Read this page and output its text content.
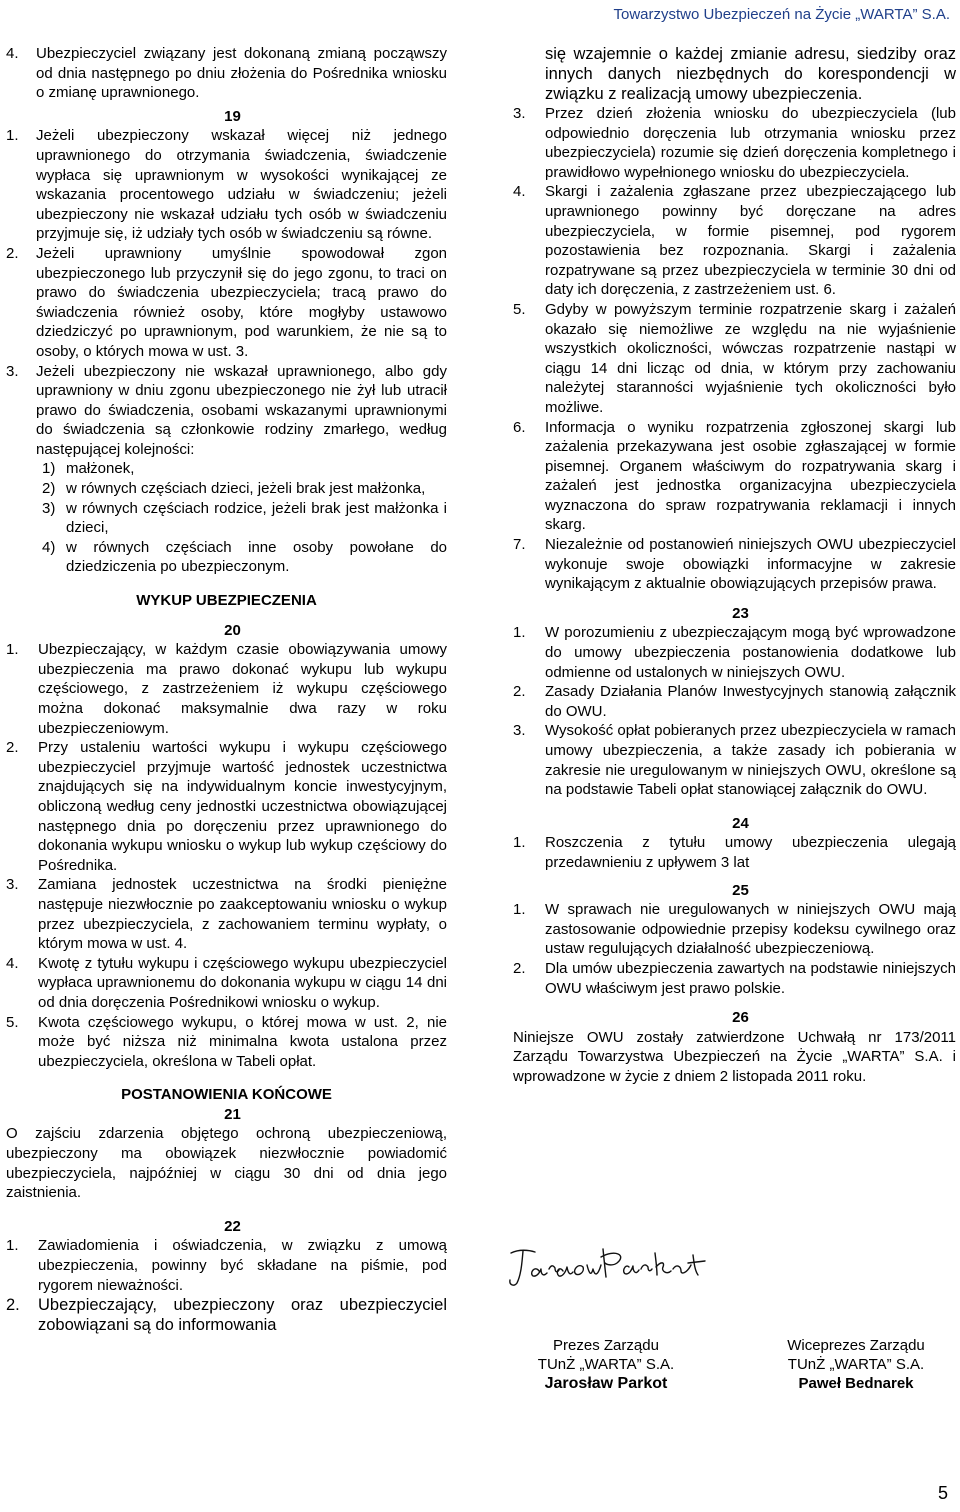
Towarzystwo Ubezpieczeń na Życie „WARTA” S.A.
4.	Ubezpieczyciel związany jest dokonaną zmianą począwszy od dnia następnego po dniu złożenia do Pośrednika wniosku o zmianę uprawnionego.
19
1.	Jeżeli ubezpieczony wskazał więcej niż jednego uprawnionego do otrzymania świadczenia, świadczenie wypłaca się uprawnionym w wysokości wynikającej ze wskazania procentowego udziału w świadczeniu; jeżeli ubezpieczony nie wskazał udziału tych osób w świadczeniu przyjmuje się, iż udziały tych osób w świadczeniu są równe.
2.	Jeżeli uprawniony umyślnie spowodował zgon ubezpieczonego lub przyczynił się do jego zgonu, to traci on prawo do świadczenia ubezpieczyciela; tracą prawo do świadczenia również osoby, które mogłyby ustawowo dziedziczyć po uprawnionym, pod warunkiem, że nie są to osoby, o których mowa w ust. 3.
3.	Jeżeli ubezpieczony nie wskazał uprawnionego, albo gdy uprawniony w dniu zgonu ubezpieczonego nie żył lub utracił prawo do świadczenia, osobami wskazanymi uprawnionymi do świadczenia są członkowie rodziny zmarłego, według następującej kolejności:
1) małżonek,
2) w równych częściach dzieci, jeżeli brak jest małżonka,
3) w równych częściach rodzice, jeżeli brak jest małżonka i dzieci,
4) w równych częściach inne osoby powołane do dziedziczenia po ubezpieczonym.
WYKUP UBEZPIECZENIA
20
1.	Ubezpieczający, w każdym czasie obowiązywania umowy ubezpieczenia ma prawo dokonać wykupu lub wykupu częściowego, z zastrzeżeniem iż wykupu częściowego można dokonać maksymalnie dwa razy w roku ubezpieczeniowym.
2.	Przy ustaleniu wartości wykupu i wykupu częściowego ubezpieczyciel przyjmuje wartość jednostek uczestnictwa znajdujących się na indywidualnym koncie inwestycyjnym, obliczoną według ceny jednostki uczestnictwa obowiązującej następnego dnia po doręczeniu przez uprawnionego do dokonania wykupu wniosku o wykup lub wykup częściowy do Pośrednika.
3.	Zamiana jednostek uczestnictwa na środki pieniężne następuje niezwłocznie po zaakceptowaniu wniosku o wykup przez ubezpieczyciela, z zachowaniem terminu wypłaty, o którym mowa w ust. 4.
4.	Kwotę z tytułu wykupu i częściowego wykupu ubezpieczyciel wypłaca uprawnionemu do dokonania wykupu w ciągu 14 dni od dnia doręczenia Pośrednikowi wniosku o wykup.
5.	Kwota częściowego wykupu, o której mowa w ust. 2, nie może być niższa niż minimalna kwota ustalona przez ubezpieczyciela, określona w Tabeli opłat.
POSTANOWIENIA KOŃCOWE
21
O zajściu zdarzenia objętego ochroną ubezpieczeniową, ubezpieczony ma obowiązek niezwłocznie powiadomić ubezpieczyciela, najpóźniej w ciągu 30 dni od dnia jego zaistnienia.
22
1.	Zawiadomienia i oświadczenia, w związku z umową ubezpieczenia, powinny być składane na piśmie, pod rygorem nieważności.
2.	Ubezpieczający, ubezpieczony oraz ubezpieczyciel zobowiązani są do informowania
się wzajemnie o każdej zmianie adresu, siedziby oraz innych danych niezbędnych do korespondencji w związku z realizacją umowy ubezpieczenia.
3.	Przez dzień złożenia wniosku do ubezpieczyciela (lub odpowiednio doręczenia lub otrzymania wniosku przez ubezpieczyciela) rozumie się dzień doręczenia kompletnego i prawidłowo wypełnionego wniosku do ubezpieczyciela.
4.	Skargi i zażalenia zgłaszane przez ubezpieczającego lub uprawnionego powinny być doręczane na adres ubezpieczyciela, w formie pisemnej, pod rygorem pozostawienia bez rozpoznania. Skargi i zażalenia rozpatrywane są przez ubezpieczyciela w terminie 30 dni od daty ich doręczenia, z zastrzeżeniem ust. 6.
5.	Gdyby w powyższym terminie rozpatrzenie skarg i zażaleń okazało się niemożliwe ze względu na nie wyjaśnienie wszystkich okoliczności, wówczas rozpatrzenie nastąpi w ciągu 14 dni licząc od dnia, w którym przy zachowaniu należytej staranności wyjaśnienie tych okoliczności było możliwe.
6.	Informacja o wyniku rozpatrzenia zgłoszonej skargi lub zażalenia przekazywana jest osobie zgłaszającej w formie pisemnej. Organem właściwym do rozpatrywania skarg i zażaleń jest jednostka organizacyjna ubezpieczyciela wyznaczona do spraw rozpatrywania reklamacji i innych skarg.
7.	Niezależnie od postanowień niniejszych OWU ubezpieczyciel wykonuje swoje obowiązki informacyjne w zakresie wynikającym z aktualnie obowiązujących przepisów prawa.
23
1.	W porozumieniu z ubezpieczającym mogą być wprowadzone do umowy ubezpieczenia postanowienia dodatkowe lub odmienne od ustalonych w niniejszych OWU.
2.	Zasady Działania Planów Inwestycyjnych stanowią załącznik do OWU.
3.	Wysokość opłat pobieranych przez ubezpieczyciela w ramach umowy ubezpieczenia, a także zasady ich pobierania w zakresie nie uregulowanym w niniejszych OWU, określone są na podstawie Tabeli opłat stanowiącej załącznik do OWU.
24
1.	Roszczenia z tytułu umowy ubezpieczenia ulegają przedawnieniu z upływem 3 lat
25
1.	W sprawach nie uregulowanych w niniejszych OWU mają zastosowanie odpowiednie przepisy kodeksu cywilnego oraz ustaw regulujących działalność ubezpieczeniową.
2.	Dla umów ubezpieczenia zawartych na podstawie niniejszych OWU właściwym jest prawo polskie.
26
Niniejsze OWU zostały zatwierdzone Uchwałą nr 173/2011 Zarządu Towarzystwa Ubezpieczeń na Życie „WARTA” S.A. i wprowadzone w życie z dniem 2 listopada 2011 roku.
Prezes Zarządu
TUnŻ „WARTA” S.A.
Jarosław Parkot
Wiceprezes Zarządu
TUnŻ „WARTA” S.A.
Paweł Bednarek
5
